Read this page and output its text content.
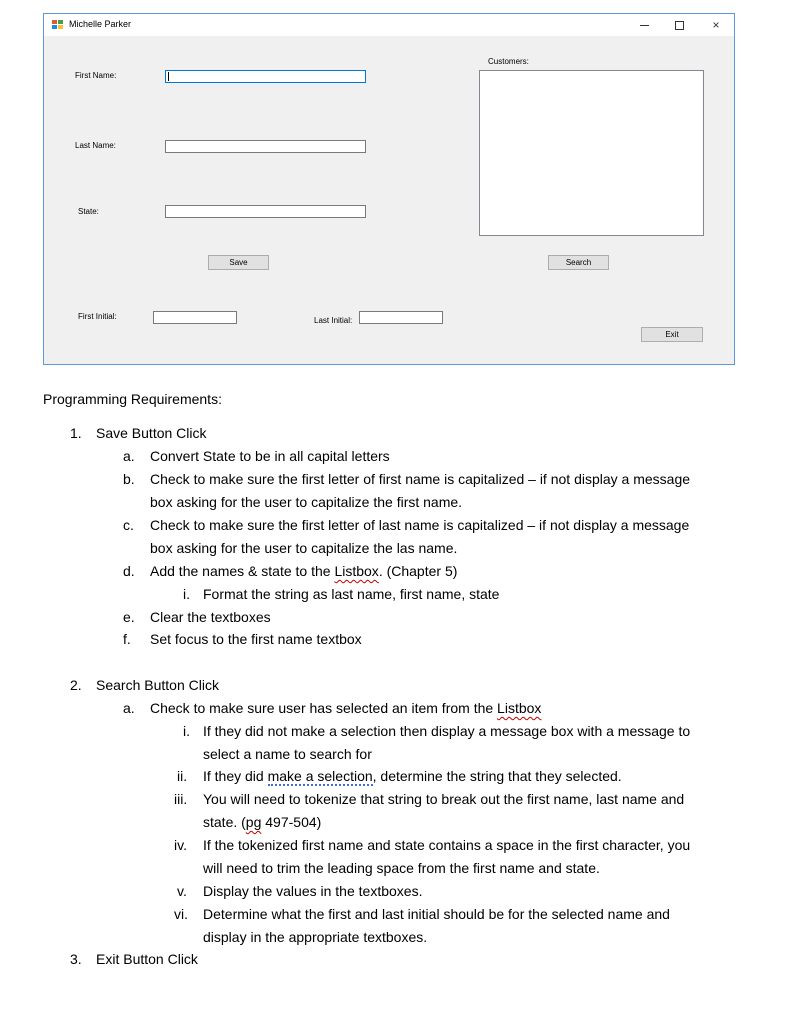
Michelle Parker	×
First Name:
Last Name:
State:
Customers:
Save	Search
First Initial:	Last Initial:
Exit
Programming Requirements:
1. Save Button Click
a. Convert State to be in all capital letters
b. Check to make sure the first letter of first name is capitalized – if not display a message
box asking for the user to capitalize the first name.
c. Check to make sure the first letter of last name is capitalized – if not display a message
box asking for the user to capitalize the las name.
d. Add the names & state to the Listbox. (Chapter 5)
i. Format the string as last name, first name, state
e. Clear the textboxes
f. Set focus to the first name textbox
2. Search Button Click
a. Check to make sure user has selected an item from the Listbox
i. If they did not make a selection then display a message box with a message to
select a name to search for
ii. If they did make a selection, determine the string that they selected.
iii. You will need to tokenize that string to break out the first name, last name and
state. (pg 497-504)
iv. If the tokenized first name and state contains a space in the first character, you
will need to trim the leading space from the first name and state.
v. Display the values in the textboxes.
vi. Determine what the first and last initial should be for the selected name and
display in the appropriate textboxes.
3. Exit Button Click
